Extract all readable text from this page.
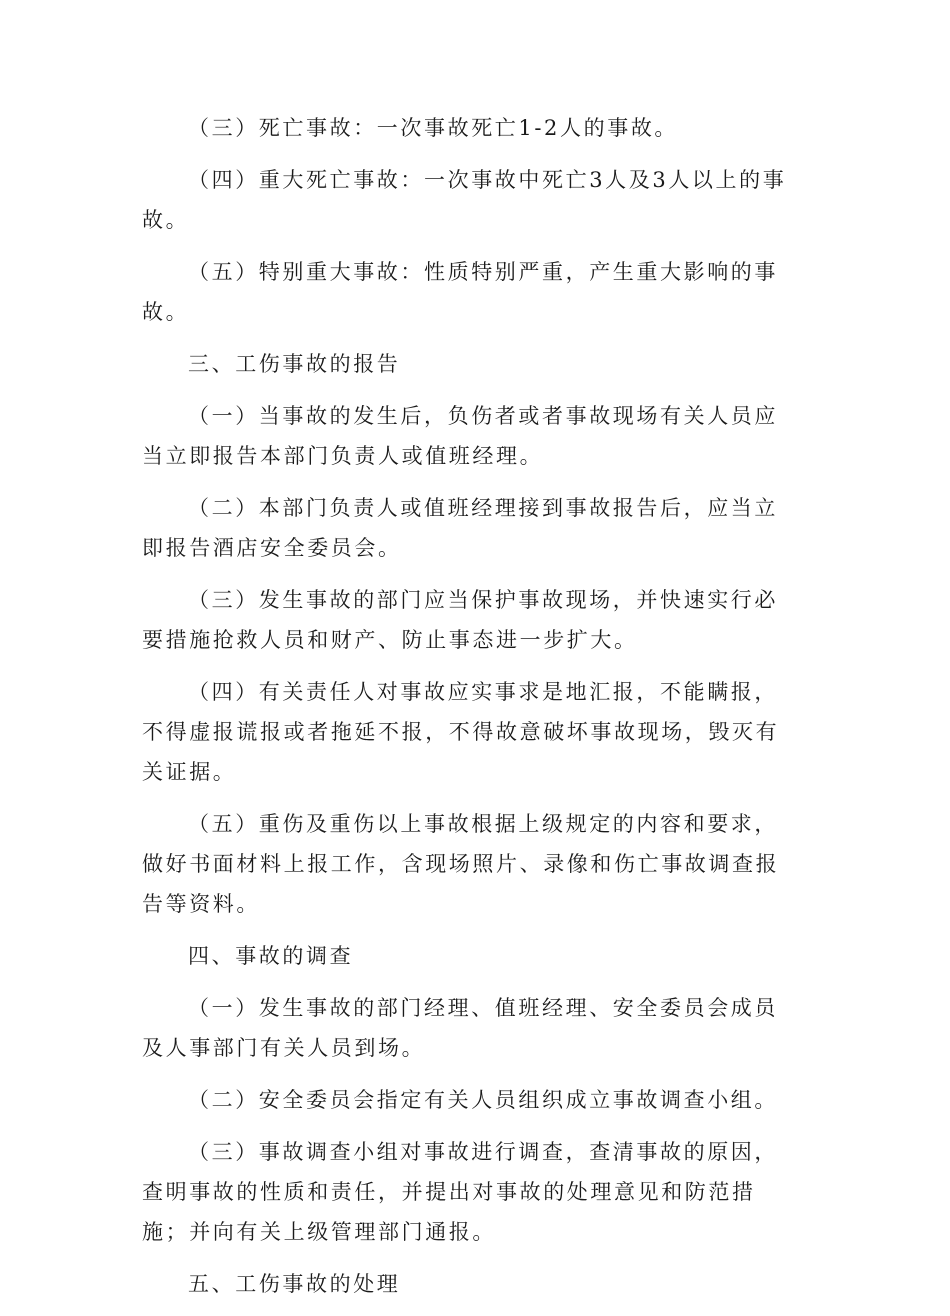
（三）死亡事故：一次事故死亡1-2人的事故。

（四）重大死亡事故：一次事故中死亡3人及3人以上的事故。

（五）特别重大事故：性质特别严重，产生重大影响的事故。

三、工伤事故的报告

（一）当事故的发生后，负伤者或者事故现场有关人员应当立即报告本部门负责人或值班经理。

（二）本部门负责人或值班经理接到事故报告后，应当立即报告酒店安全委员会。

（三）发生事故的部门应当保护事故现场，并快速实行必要措施抢救人员和财产、防止事态进一步扩大。

（四）有关责任人对事故应实事求是地汇报，不能瞒报，不得虚报谎报或者拖延不报，不得故意破坏事故现场，毁灭有关证据。

（五）重伤及重伤以上事故根据上级规定的内容和要求，做好书面材料上报工作，含现场照片、录像和伤亡事故调查报告等资料。

四、事故的调查

（一）发生事故的部门经理、值班经理、安全委员会成员及人事部门有关人员到场。

（二）安全委员会指定有关人员组织成立事故调查小组。

（三）事故调查小组对事故进行调查，查清事故的原因，查明事故的性质和责任，并提出对事故的处理意见和防范措施；并向有关上级管理部门通报。

五、工伤事故的处理
